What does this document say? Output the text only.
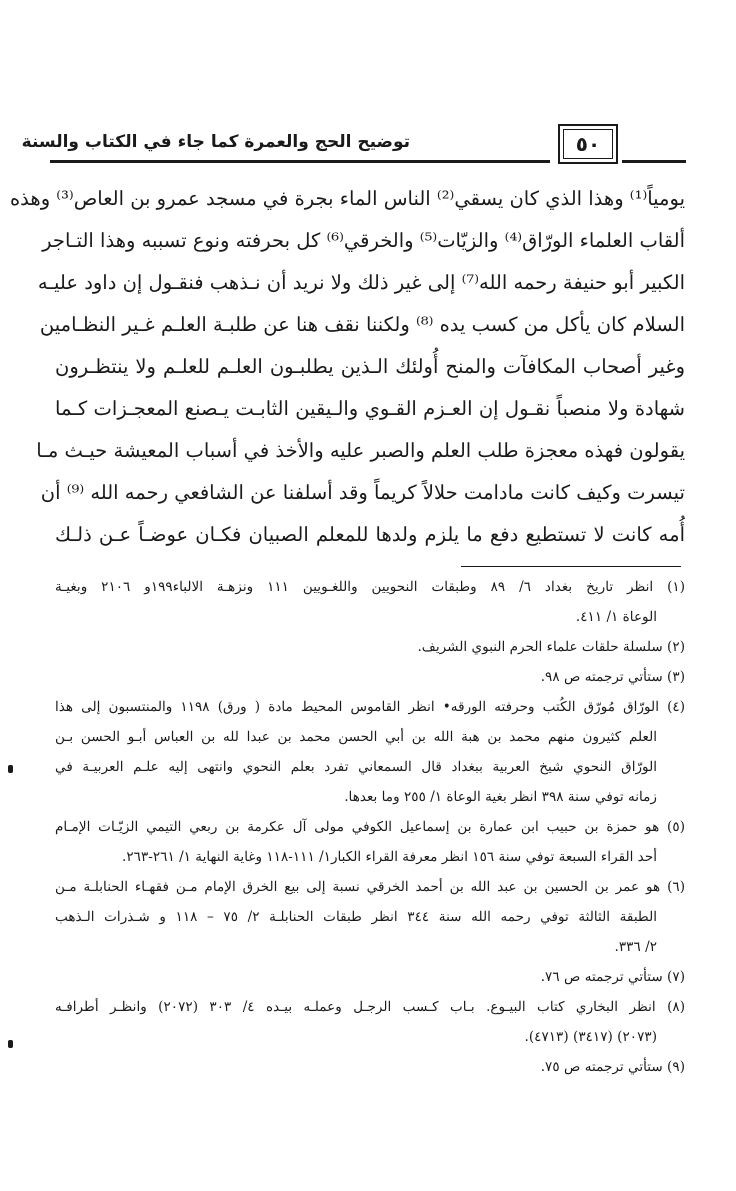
توضيح الحج والعمرة كما جاء في الكتاب والسنة	٥٠
يومياً⁽¹⁾ وهذا الذي كان يسقي⁽²⁾ الناس الماء بجرة في مسجد عمرو بن العاص⁽³⁾ وهذه
ألقاب العلماء الورّاق⁽⁴⁾ والزيّات⁽⁵⁾ والخرقي⁽⁶⁾ كل بحرفته ونوع تسببه وهذا التـاجر
الكبير أبو حنيفة رحمه الله⁽⁷⁾ إلى غير ذلك ولا نريد أن نـذهب فنقـول إن داود عليـه
السلام كان يأكل من كسب يده ⁽⁸⁾ ولكننا نقف هنا عن طلبـة العلـم غـير النظـامين
وغير أصحاب المكافآت والمنح أُولئك الـذين يطلبـون العلـم للعلـم ولا ينتظـرون
شهادة ولا منصباً نقـول إن العـزم القـوي والـيقين الثابـت يـصنع المعجـزات كـما
يقولون فهذه معجزة طلب العلم والصبر عليه والأخذ في أسباب المعيشة حيـث مـا
تيسرت وكيف كانت مادامت حلالاً كريماً وقد أسلفنا عن الشافعي رحمه الله ⁽⁹⁾ أن
أُمه كانت لا تستطيع دفع ما يلزم ولدها للمعلم الصبيان فكـان عوضـاً عـن ذلـك
(١) انظر تاريخ بغداد ٦/ ٨٩ وطبقات النحويين واللغـويين ١١١ ونزهـة الالباء١٩٩و ٢١٠٦ وبغيـة
الوعاة ١/ ٤١١.
(٢) سلسلة حلقات علماء الحرم النبوي الشريف.
(٣) ستأتي ترجمته ص ٩٨.
(٤) الورّاق مُورّق الكُتب وحرفته الورقه• انظر القاموس المحيط مادة ( ورق) ١١٩٨ والمنتسبون إلى هذا
العلم كثيرون منهم محمد بن هبة الله بن أبي الحسن محمد بن عبدا لله بن العباس أبـو الحسن بـن
الورّاق النحوي شيخ العربية ببغداد قال السمعاني تفرد بعلم النحوي وانتهى إليه علـم العربيـة في
زمانه توفي سنة ٣٩٨ انظر بغية الوعاة ١/ ٢٥٥ وما بعدها.
(٥) هو حمزة بن حبيب ابن عمارة بن إسماعيل الكوفي مولى آل عكرمة بن ربعي التيمي الزيّـات الإمـام
أحد القراء السبعة توفي سنة ١٥٦ انظر معرفة القراء الكبار١/ ١١١-١١٨ وغاية النهاية ١/ ٢٦١-٢٦٣.
(٦) هو عمر بن الحسين بن عبد الله بن أحمد الخرقي نسبة إلى بيع الخرق الإمام مـن فقهـاء الحنابلـة مـن
الطبقة الثالثة توفي رحمه الله سنة ٣٤٤ انظر طبقات الحنابلـة ٢/ ٧٥ – ١١٨ و شـذرات الـذهب
٢/ ٣٣٦.
(٧) ستأتي ترجمته ص ٧٦.
(٨) انظر البخاري كتاب البيـوع. بـاب كـسب الرجـل وعملـه بيـده ٤/ ٣٠٣ (٢٠٧٢) وانظـر أطرافـه
(٢٠٧٣) (٣٤١٧) (٤٧١٣).
(٩) ستأتي ترجمته ص ٧٥.
